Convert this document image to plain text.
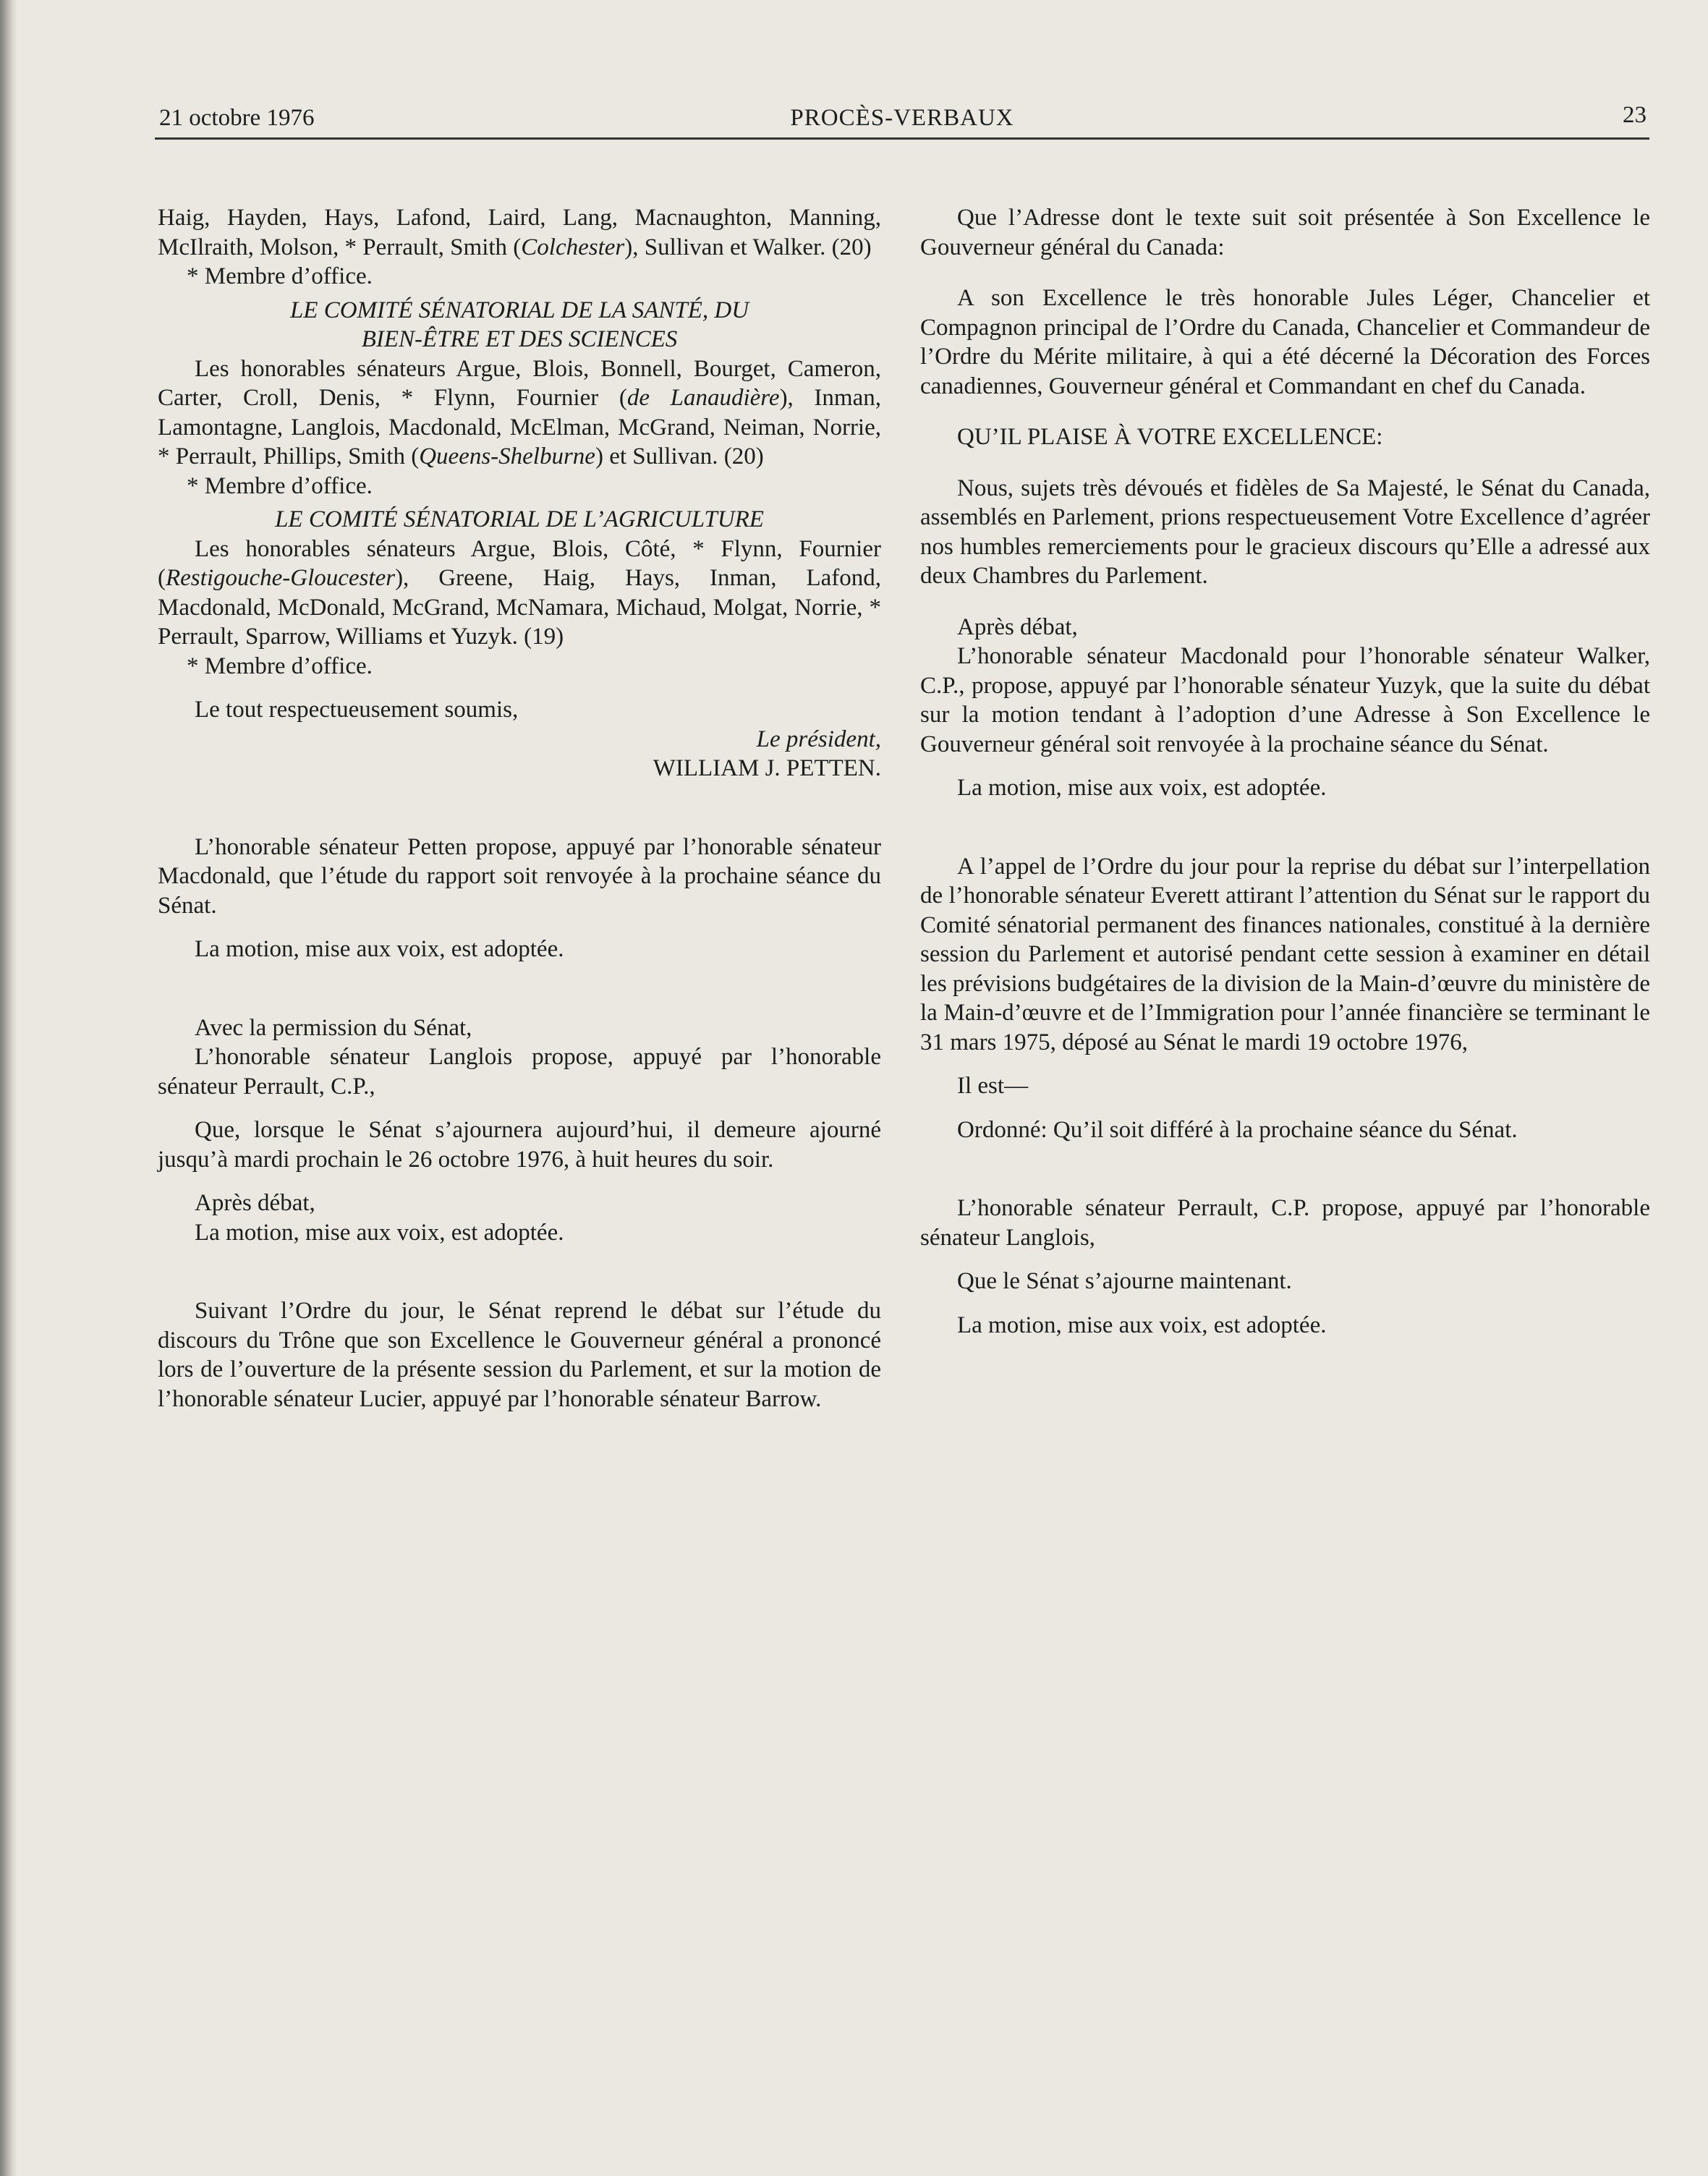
21 octobre 1976	PROCÈS-VERBAUX	23

Haig, Hayden, Hays, Lafond, Laird, Lang, Macnaughton, Manning, McIlraith, Molson, * Perrault, Smith (Colchester), Sullivan et Walker. (20)

* Membre d’office.

LE COMITÉ SÉNATORIAL DE LA SANTÉ, DU
BIEN-ÊTRE ET DES SCIENCES

Les honorables sénateurs Argue, Blois, Bonnell, Bourget, Cameron, Carter, Croll, Denis, * Flynn, Fournier (de Lanaudière), Inman, Lamontagne, Langlois, Macdonald, McElman, McGrand, Neiman, Norrie, * Perrault, Phillips, Smith (Queens-Shelburne) et Sullivan. (20)

* Membre d’office.

LE COMITÉ SÉNATORIAL DE L’AGRICULTURE

Les honorables sénateurs Argue, Blois, Côté, * Flynn, Fournier (Restigouche-Gloucester), Greene, Haig, Hays, Inman, Lafond, Macdonald, McDonald, McGrand, McNamara, Michaud, Molgat, Norrie, * Perrault, Sparrow, Williams et Yuzyk. (19)

* Membre d’office.

Le tout respectueusement soumis,

Le président,

WILLIAM J. PETTEN.

L’honorable sénateur Petten propose, appuyé par l’honorable sénateur Macdonald, que l’étude du rapport soit renvoyée à la prochaine séance du Sénat.

La motion, mise aux voix, est adoptée.

Avec la permission du Sénat,

L’honorable sénateur Langlois propose, appuyé par l’honorable sénateur Perrault, C.P.,

Que, lorsque le Sénat s’ajournera aujourd’hui, il demeure ajourné jusqu’à mardi prochain le 26 octobre 1976, à huit heures du soir.

Après débat,

La motion, mise aux voix, est adoptée.

Suivant l’Ordre du jour, le Sénat reprend le débat sur l’étude du discours du Trône que son Excellence le Gouverneur général a prononcé lors de l’ouverture de la présente session du Parlement, et sur la motion de l’honorable sénateur Lucier, appuyé par l’honorable sénateur Barrow.

Que l’Adresse dont le texte suit soit présentée à Son Excellence le Gouverneur général du Canada:

A son Excellence le très honorable Jules Léger, Chancelier et Compagnon principal de l’Ordre du Canada, Chancelier et Commandeur de l’Ordre du Mérite militaire, à qui a été décerné la Décoration des Forces canadiennes, Gouverneur général et Commandant en chef du Canada.

QU’IL PLAISE À VOTRE EXCELLENCE:

Nous, sujets très dévoués et fidèles de Sa Majesté, le Sénat du Canada, assemblés en Parlement, prions respectueusement Votre Excellence d’agréer nos humbles remerciements pour le gracieux discours qu’Elle a adressé aux deux Chambres du Parlement.

Après débat,

L’honorable sénateur Macdonald pour l’honorable sénateur Walker, C.P., propose, appuyé par l’honorable sénateur Yuzyk, que la suite du débat sur la motion tendant à l’adoption d’une Adresse à Son Excellence le Gouverneur général soit renvoyée à la prochaine séance du Sénat.

La motion, mise aux voix, est adoptée.

A l’appel de l’Ordre du jour pour la reprise du débat sur l’interpellation de l’honorable sénateur Everett attirant l’attention du Sénat sur le rapport du Comité sénatorial permanent des finances nationales, constitué à la dernière session du Parlement et autorisé pendant cette session à examiner en détail les prévisions budgétaires de la division de la Main-d’œuvre du ministère de la Main-d’œuvre et de l’Immigration pour l’année financière se terminant le 31 mars 1975, déposé au Sénat le mardi 19 octobre 1976,

Il est—

Ordonné: Qu’il soit différé à la prochaine séance du Sénat.

L’honorable sénateur Perrault, C.P. propose, appuyé par l’honorable sénateur Langlois,

Que le Sénat s’ajourne maintenant.

La motion, mise aux voix, est adoptée.
